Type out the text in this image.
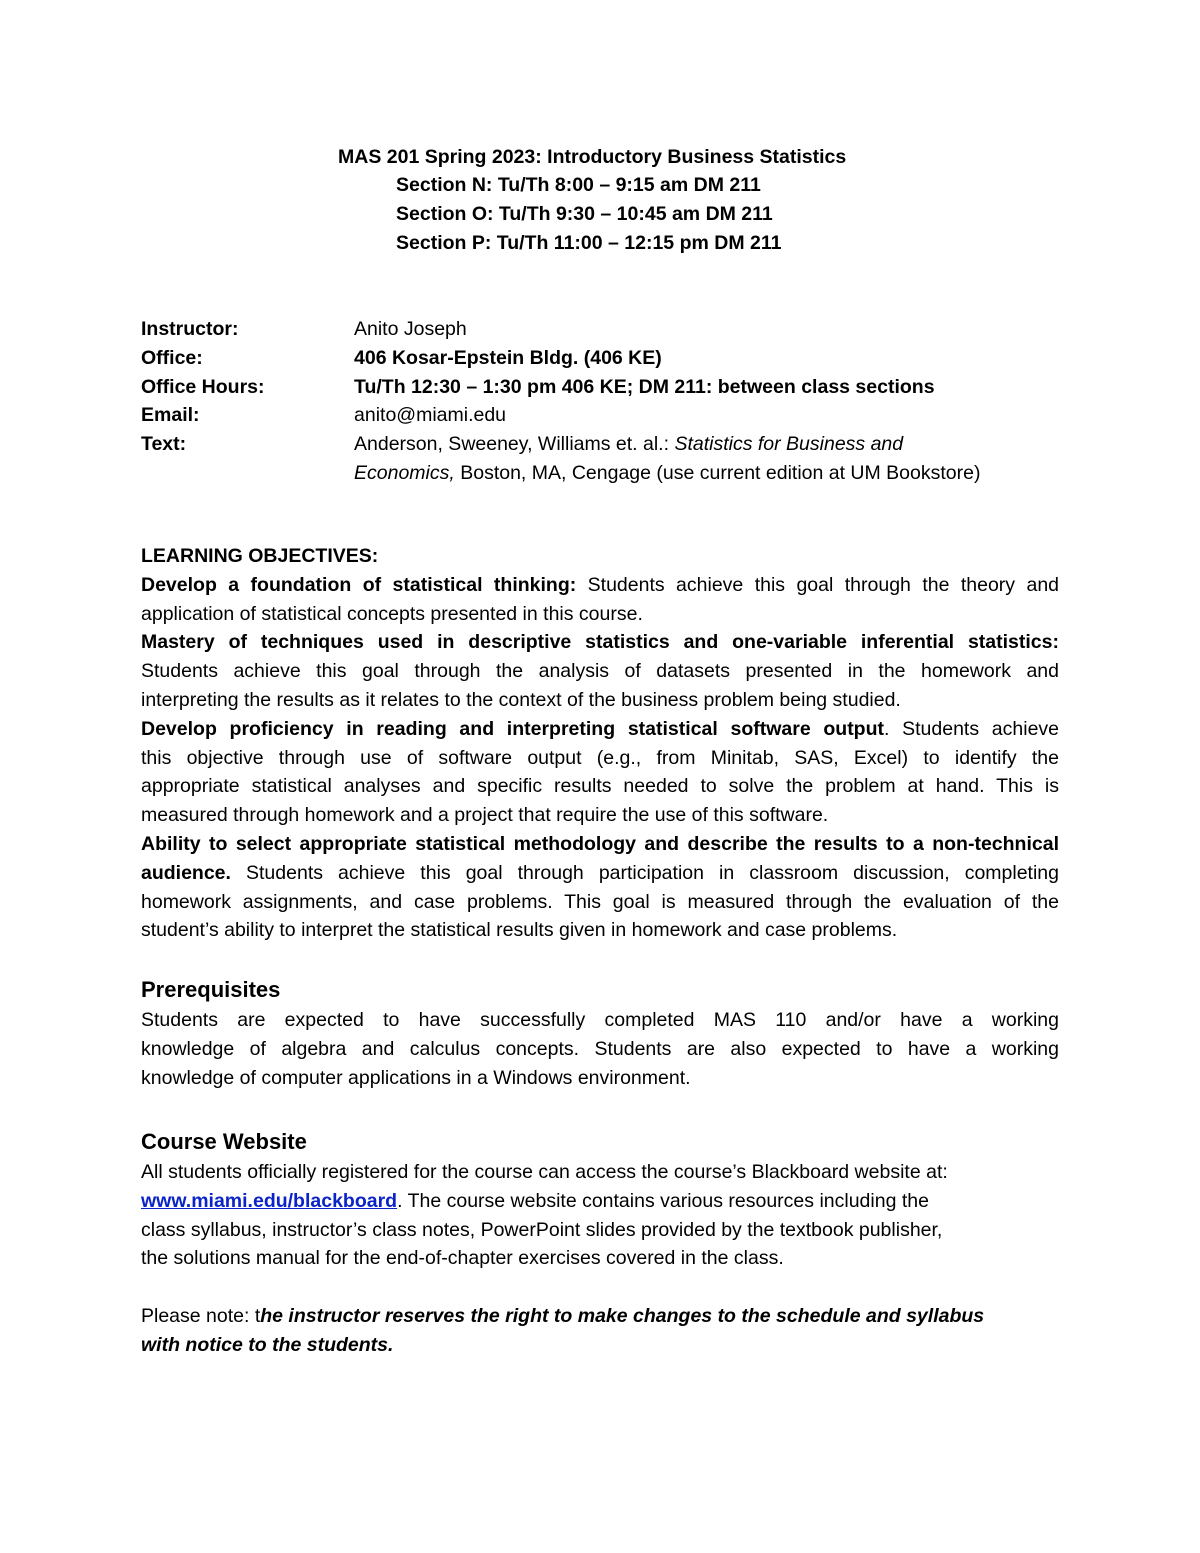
MAS 201 Spring 2023: Introductory Business Statistics
Section N: Tu/Th 8:00 – 9:15 am DM 211
Section O: Tu/Th 9:30 – 10:45 am DM 211
Section P: Tu/Th 11:00 – 12:15 pm DM 211
Instructor:	Anito Joseph
Office:	406 Kosar-Epstein Bldg. (406 KE)
Office Hours:	Tu/Th 12:30 – 1:30 pm 406 KE; DM 211: between class sections
Email:	anito@miami.edu
Text:	Anderson, Sweeney, Williams et. al.: Statistics for Business and
Economics, Boston, MA, Cengage (use current edition at UM Bookstore)
LEARNING OBJECTIVES:
Develop a foundation of statistical thinking: Students achieve this goal through the theory and
application of statistical concepts presented in this course.
Mastery of techniques used in descriptive statistics and one-variable inferential statistics:
Students achieve this goal through the analysis of datasets presented in the homework and
interpreting the results as it relates to the context of the business problem being studied.
Develop proficiency in reading and interpreting statistical software output. Students achieve
this objective through use of software output (e.g., from Minitab, SAS, Excel) to identify the
appropriate statistical analyses and specific results needed to solve the problem at hand. This is
measured through homework and a project that require the use of this software.
Ability to select appropriate statistical methodology and describe the results to a non-technical
audience. Students achieve this goal through participation in classroom discussion, completing
homework assignments, and case problems. This goal is measured through the evaluation of the
student’s ability to interpret the statistical results given in homework and case problems.
Prerequisites
Students are expected to have successfully completed MAS 110 and/or have a working
knowledge of algebra and calculus concepts. Students are also expected to have a working
knowledge of computer applications in a Windows environment.
Course Website
All students officially registered for the course can access the course’s Blackboard website at:
www.miami.edu/blackboard. The course website contains various resources including the
class syllabus, instructor’s class notes, PowerPoint slides provided by the textbook publisher,
the solutions manual for the end-of-chapter exercises covered in the class.
Please note: the instructor reserves the right to make changes to the schedule and syllabus
with notice to the students.
